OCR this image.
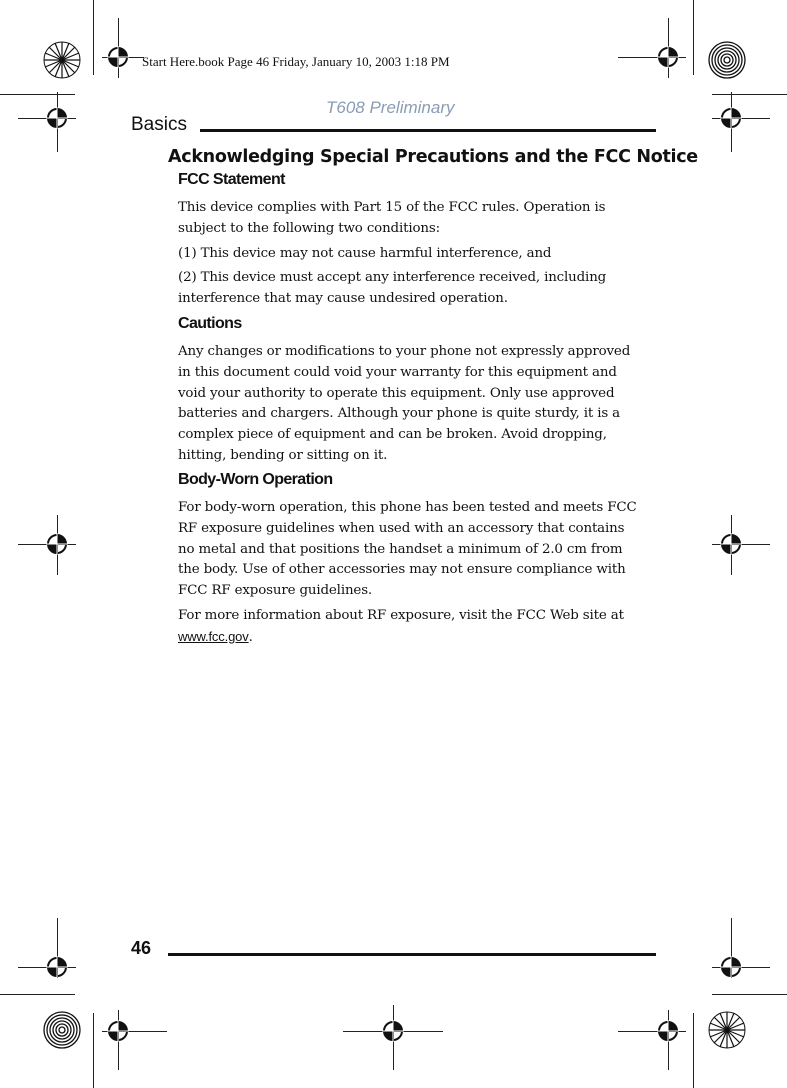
Start Here.book Page 46 Friday, January 10, 2003 1:18 PM
T608 Preliminary
Basics
Acknowledging Special Precautions and the FCC Notice
FCC Statement
This device complies with Part 15 of the FCC rules. Operation is subject to the following two conditions:
(1) This device may not cause harmful interference, and
(2) This device must accept any interference received, including interference that may cause undesired operation.
Cautions
Any changes or modifications to your phone not expressly approved in this document could void your warranty for this equipment and void your authority to operate this equipment. Only use approved batteries and chargers. Although your phone is quite sturdy, it is a complex piece of equipment and can be broken. Avoid dropping, hitting, bending or sitting on it.
Body-Worn Operation
For body-worn operation, this phone has been tested and meets FCC RF exposure guidelines when used with an accessory that contains no metal and that positions the handset a minimum of 2.0 cm from the body. Use of other accessories may not ensure compliance with FCC RF exposure guidelines.
For more information about RF exposure, visit the FCC Web site at www.fcc.gov.
46
